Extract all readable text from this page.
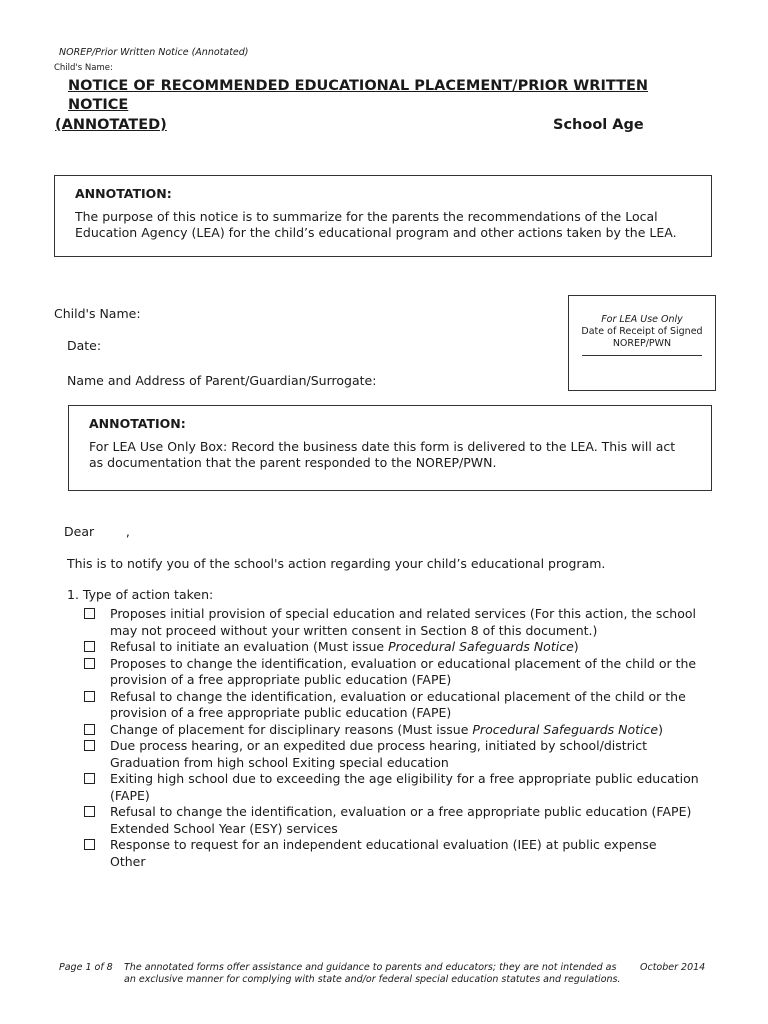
NOREP/Prior Written Notice (Annotated)
Child's Name:
NOTICE OF RECOMMENDED EDUCATIONAL PLACEMENT/PRIOR WRITTEN
NOTICE
(ANNOTATED)	School Age
ANNOTATION:
The purpose of this notice is to summarize for the parents the recommendations of the Local Education Agency (LEA) for the child’s educational program and other actions taken by the LEA.
Child's Name:
Date:
Name and Address of Parent/Guardian/Surrogate:
For LEA Use Only
Date of Receipt of Signed
NOREP/PWN
ANNOTATION:
For LEA Use Only Box: Record the business date this form is delivered to the LEA. This will act as documentation that the parent responded to the NOREP/PWN.
Dear        ,
This is to notify you of the school's action regarding your child’s educational program.
1. Type of action taken:
Proposes initial provision of special education and related services (For this action, the school may not proceed without your written consent in Section 8 of this document.)
Refusal to initiate an evaluation (Must issue Procedural Safeguards Notice)
Proposes to change the identification, evaluation or educational placement of the child or the provision of a free appropriate public education (FAPE)
Refusal to change the identification, evaluation or educational placement of the child or the provision of a free appropriate public education (FAPE)
Change of placement for disciplinary reasons (Must issue Procedural Safeguards Notice)
Due process hearing, or an expedited due process hearing, initiated by school/district Graduation from high school Exiting special education
Exiting high school due to exceeding the age eligibility for a free appropriate public education (FAPE)
Refusal to change the identification, evaluation or a free appropriate public education (FAPE) Extended School Year (ESY) services
Response to request for an independent educational evaluation (IEE) at public expense
Other
Page 1 of 8 The annotated forms offer assistance and guidance to parents and educators; they are not intended as an exclusive manner for complying with state and/or federal special education statutes and regulations.
October 2014
